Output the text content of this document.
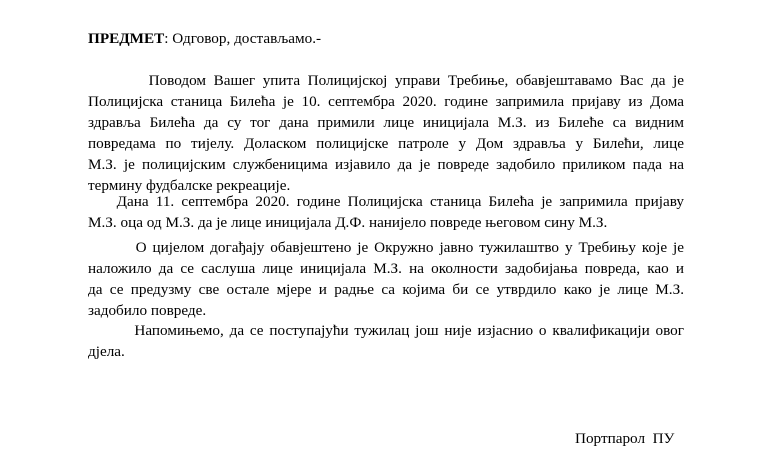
ПРЕДМЕТ: Одговор, достављамо.-
Поводом Вашег упита Полицијској управи Требиње, обавјештавамо Вас да је
Полицијска станица Билећа је 10. септембра 2020. године запримила пријаву из Дома
здравља Билећа да су тог дана примили лице иницијала М.З. из Билеће са видним
повредама по тијелу. Доласком полицијске патроле у Дом здравља у Билећи, лице
М.З. је полицијским службеницима изјавило да је повреде задобило приликом пада на
термину фудбалске рекреације.
Дана 11. септембра 2020. године Полицијска станица Билећа је запримила пријаву
М.З. оца од М.З. да је лице иницијала Д.Ф. нанијело повреде његовом сину М.З.
О цијелом догађају обавјештено је Окружно јавно тужилаштво у Требињу које је
наложило да се саслуша лице иницијала М.З. на околности задобијања повреда, као и
да се предузму све остале мјере и радње са којима би се утврдило како је лице М.З.
задобило повреде.
Напомињемо, да се поступајући тужилац још није изјаснио о квалификацији овог
дјела.
Портпарол  ПУ
